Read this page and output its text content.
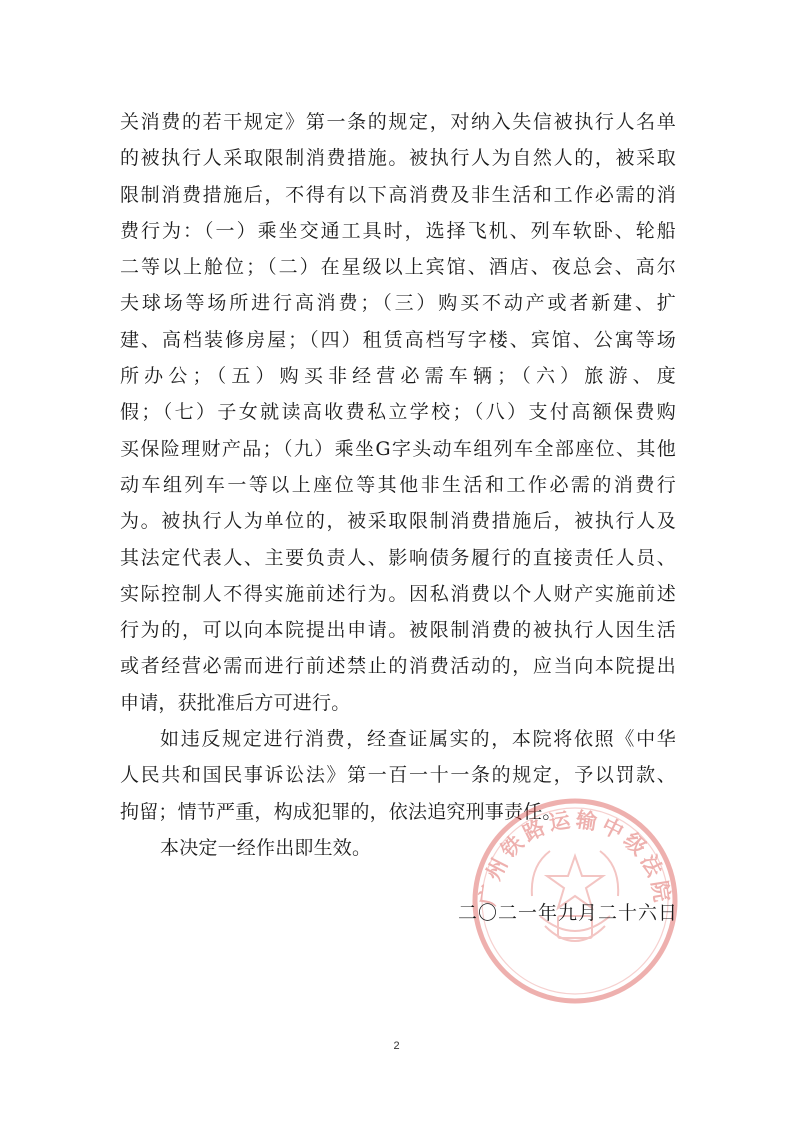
关消费的若干规定》第一条的规定，对纳入失信被执行人名单
的被执行人采取限制消费措施。被执行人为自然人的，被采取
限制消费措施后，不得有以下高消费及非生活和工作必需的消
费行为：（一）乘坐交通工具时，选择飞机、列车软卧、轮船
二等以上舱位；（二）在星级以上宾馆、酒店、夜总会、高尔
夫球场等场所进行高消费；（三）购买不动产或者新建、扩
建、高档装修房屋；（四）租赁高档写字楼、宾馆、公寓等场
所办公；（五）购买非经营必需车辆；（六）旅游、度
假；（七）子女就读高收费私立学校；（八）支付高额保费购
买保险理财产品；（九）乘坐G字头动车组列车全部座位、其他
动车组列车一等以上座位等其他非生活和工作必需的消费行
为。被执行人为单位的，被采取限制消费措施后，被执行人及
其法定代表人、主要负责人、影响债务履行的直接责任人员、
实际控制人不得实施前述行为。因私消费以个人财产实施前述
行为的，可以向本院提出申请。被限制消费的被执行人因生活
或者经营必需而进行前述禁止的消费活动的，应当向本院提出
申请，获批准后方可进行。
如违反规定进行消费，经查证属实的，本院将依照《中华
人民共和国民事诉讼法》第一百一十一条的规定，予以罚款、
拘留；情节严重，构成犯罪的，依法追究刑事责任。
本决定一经作出即生效。
广州铁路运输中级法院
二〇二一年九月二十六日
2
